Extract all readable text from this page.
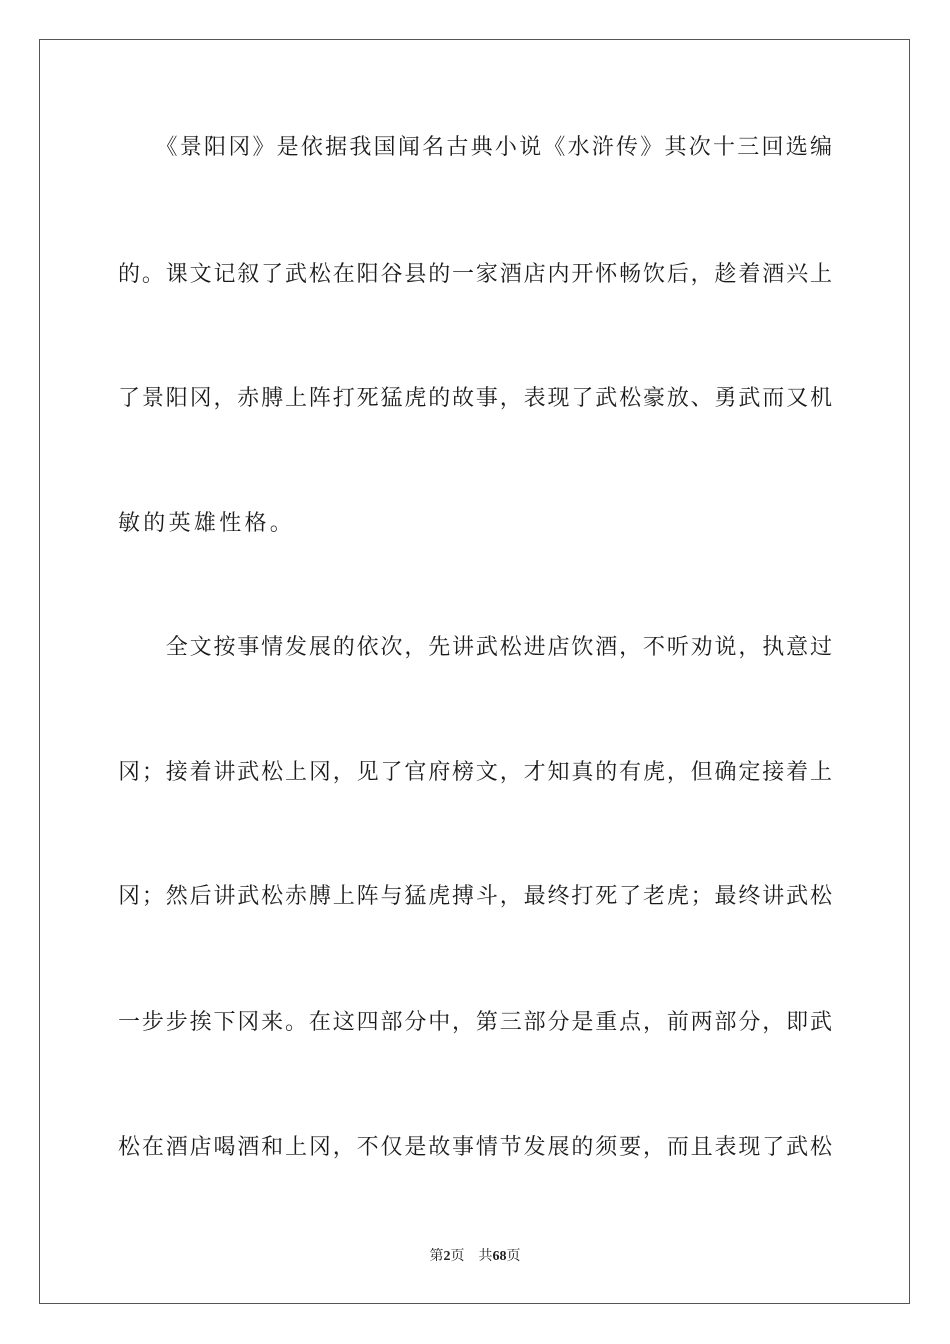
　　《景阳冈》是依据我国闻名古典小说《水浒传》其次十三回选编
的。课文记叙了武松在阳谷县的一家酒店内开怀畅饮后，趁着酒兴上
了景阳冈，赤膊上阵打死猛虎的故事，表现了武松豪放、勇武而又机
敏的英雄性格。
　　全文按事情发展的依次，先讲武松进店饮酒，不听劝说，执意过
冈；接着讲武松上冈，见了官府榜文，才知真的有虎，但确定接着上
冈；然后讲武松赤膊上阵与猛虎搏斗，最终打死了老虎；最终讲武松
一步步挨下冈来。在这四部分中，第三部分是重点，前两部分，即武
松在酒店喝酒和上冈，不仅是故事情节发展的须要，而且表现了武松
第2页 共68页
